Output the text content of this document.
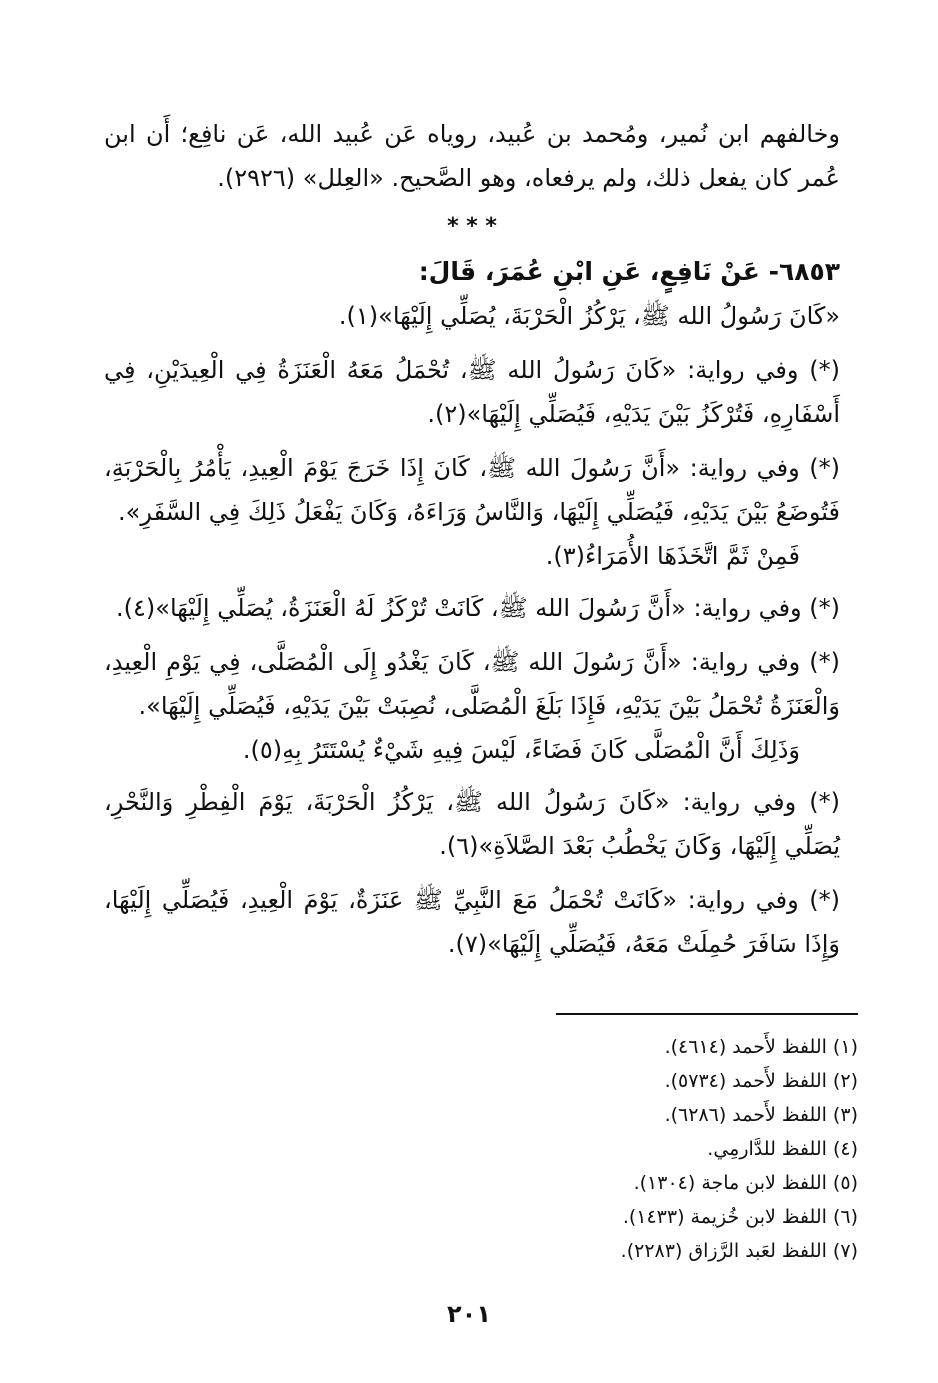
وخالفهم ابن نُمير، ومُحمد بن عُبيد، روياه عَن عُبيد الله، عَن نافِع؛ أَن ابن عُمر كان يفعل ذلك، ولم يرفعاه، وهو الصَّحيح. «العِلل» (٢٩٢٦).

* * *

٦٨٥٣- عَنْ نَافِعٍ، عَنِ ابْنِ عُمَرَ، قَالَ:

«كَانَ رَسُولُ الله ﷺ، يَرْكُزُ الْحَرْبَةَ، يُصَلِّي إِلَيْهَا»(١).

(*) وفي رواية: «كَانَ رَسُولُ الله ﷺ، تُحْمَلُ مَعَهُ الْعَنَزَةُ فِي الْعِيدَيْنِ، فِي أَسْفَارِهِ، فَتُرْكَزُ بَيْنَ يَدَيْهِ، فَيُصَلِّي إِلَيْهَا»(٢).

(*) وفي رواية: «أَنَّ رَسُولَ الله ﷺ، كَانَ إِذَا خَرَجَ يَوْمَ الْعِيدِ، يَأْمُرُ بِالْحَرْبَةِ، فَتُوضَعُ بَيْنَ يَدَيْهِ، فَيُصَلِّي إِلَيْهَا، وَالنَّاسُ وَرَاءَهُ، وَكَانَ يَفْعَلُ ذَلِكَ فِي السَّفَرِ».

فَمِنْ ثَمَّ اتَّخَذَهَا الأُمَرَاءُ(٣).

(*) وفي رواية: «أَنَّ رَسُولَ الله ﷺ، كَانَتْ تُرْكَزُ لَهُ الْعَنَزَةُ، يُصَلِّي إِلَيْهَا»(٤).

(*) وفي رواية: «أَنَّ رَسُولَ الله ﷺ، كَانَ يَغْدُو إِلَى الْمُصَلَّى، فِي يَوْمِ الْعِيدِ، وَالْعَنَزَةُ تُحْمَلُ بَيْنَ يَدَيْهِ، فَإِذَا بَلَغَ الْمُصَلَّى، نُصِبَتْ بَيْنَ يَدَيْهِ، فَيُصَلِّي إِلَيْهَا».

وَذَلِكَ أَنَّ الْمُصَلَّى كَانَ فَضَاءً، لَيْسَ فِيهِ شَيْءٌ يُسْتَتَرُ بِهِ(٥).

(*) وفي رواية: «كَانَ رَسُولُ الله ﷺ، يَرْكُزُ الْحَرْبَةَ، يَوْمَ الْفِطْرِ وَالنَّحْرِ، يُصَلِّي إِلَيْهَا، وَكَانَ يَخْطُبُ بَعْدَ الصَّلاَةِ»(٦).

(*) وفي رواية: «كَانَتْ تُحْمَلُ مَعَ النَّبِيِّ ﷺ عَنَزَةٌ، يَوْمَ الْعِيدِ، فَيُصَلِّي إِلَيْهَا، وَإِذَا سَافَرَ حُمِلَتْ مَعَهُ، فَيُصَلِّي إِلَيْهَا»(٧).

(١) اللفظ لأَحمد (٤٦١٤).

(٢) اللفظ لأَحمد (٥٧٣٤).

(٣) اللفظ لأَحمد (٦٢٨٦).

(٤) اللفظ للدَّارمِي.

(٥) اللفظ لابن ماجة (١٣٠٤).

(٦) اللفظ لابن خُزيمة (١٤٣٣).

(٧) اللفظ لعَبد الرَّزاق (٢٢٨٣).

٢٠١
